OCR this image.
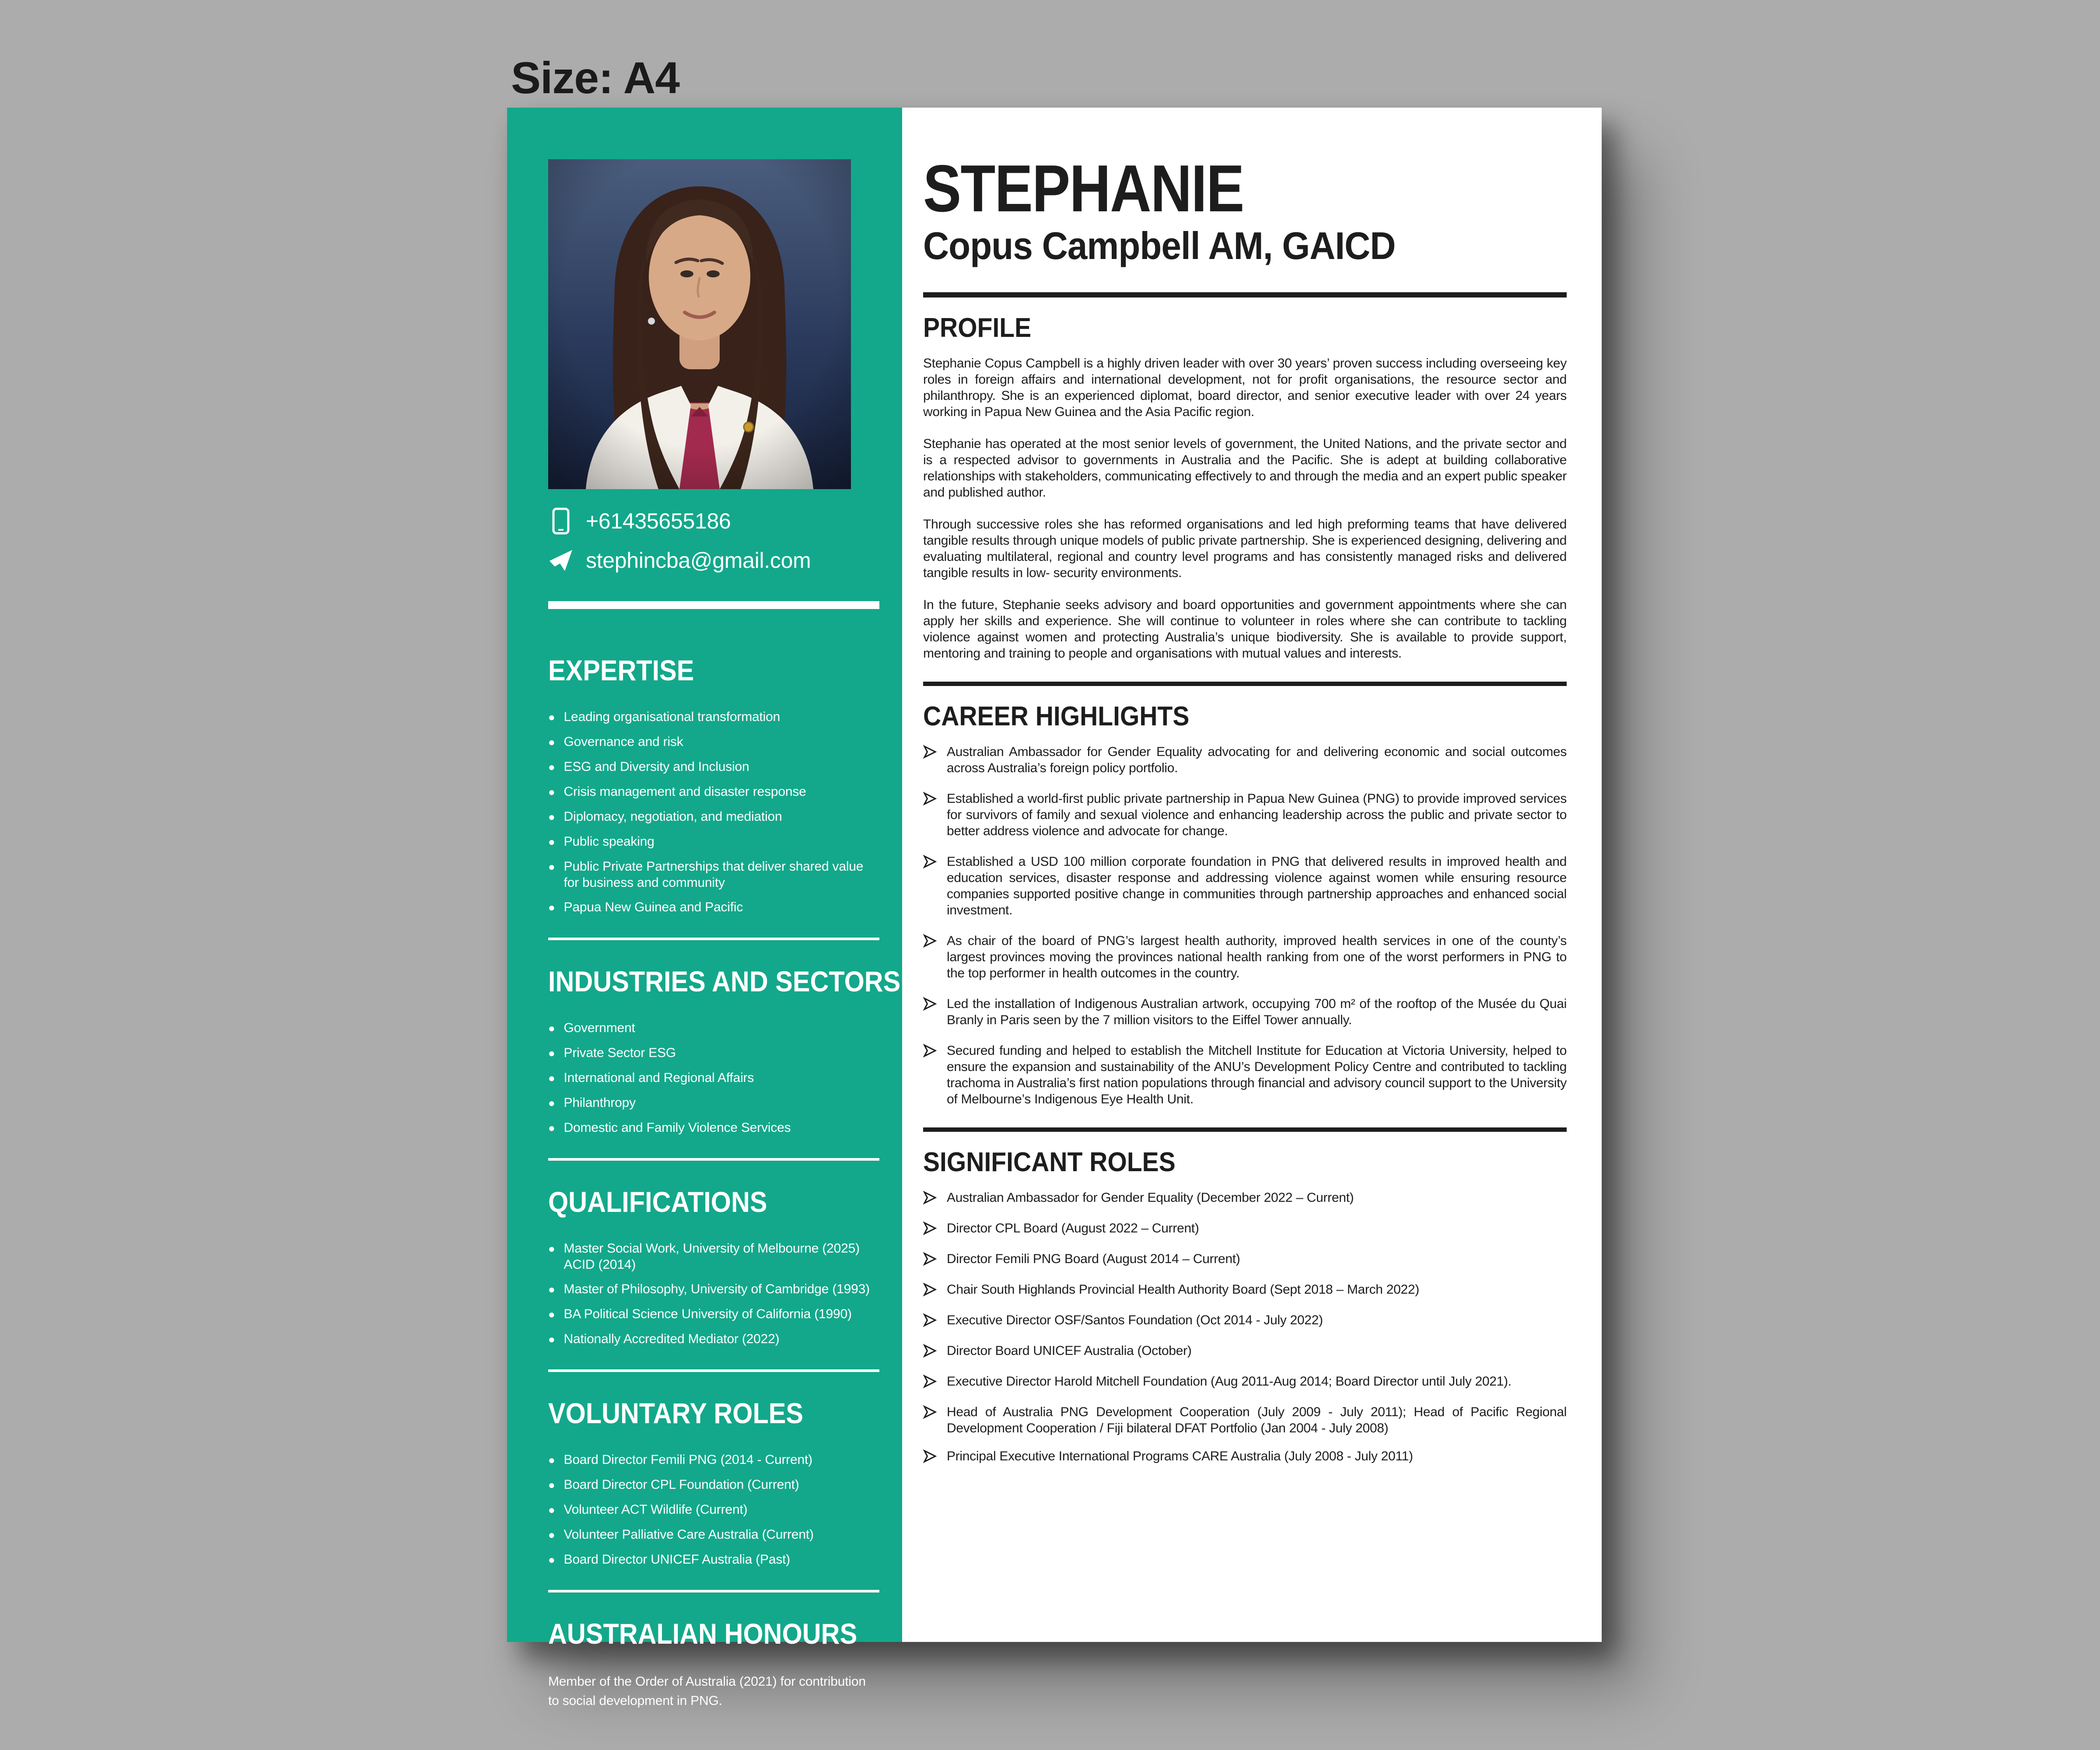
Size: A4
+61435655186
stephincba@gmail.com
EXPERTISE
●
Leading organisational transformation
●
Governance and risk
●
ESG and Diversity and Inclusion
●
Crisis management and disaster response
●
Diplomacy, negotiation, and mediation
●
Public speaking
●
Public Private Partnerships that deliver shared value for business and community
●
Papua New Guinea and Pacific
INDUSTRIES AND SECTORS
●
Government
●
Private Sector ESG
●
International and Regional Affairs
●
Philanthropy
●
Domestic and Family Violence Services
QUALIFICATIONS
●
Master Social Work, University of Melbourne (2025) ACID (2014)
●
Master of Philosophy, University of Cambridge (1993)
●
BA Political Science University of California (1990)
●
Nationally Accredited Mediator (2022)
VOLUNTARY ROLES
●
Board Director Femili PNG (2014 - Current)
●
Board Director CPL Foundation (Current)
●
Volunteer ACT Wildlife (Current)
●
Volunteer Palliative Care Australia (Current)
●
Board Director UNICEF Australia (Past)
AUSTRALIAN HONOURS

Member of the Order of Australia (2021) for contribution to social development in PNG.

STEPHANIE
Copus Campbell AM, GAICD
PROFILE

Stephanie Copus Campbell is a highly driven leader with over 30 years’ proven success including overseeing key roles in foreign affairs and international development, not for profit organisations, the resource sector and philanthropy. She is an experienced diplomat, board director, and senior executive leader with over 24 years working in Papua New Guinea and the Asia Pacific region.

Stephanie has operated at the most senior levels of government, the United Nations, and the private sector and is a respected advisor to governments in Australia and the Pacific. She is adept at building collaborative relationships with stakeholders, communicating effectively to and through the media and an expert public speaker and published author.

Through successive roles she has reformed organisations and led high preforming teams that have delivered tangible results through unique models of public private partnership. She is experienced designing, delivering and evaluating multilateral, regional and country level programs and has consistently managed risks and delivered tangible results in low- security environments.

In the future, Stephanie seeks advisory and board opportunities and government appointments where she can apply her skills and experience. She will continue to volunteer in roles where she can contribute to tackling violence against women and protecting Australia’s unique biodiversity. She is available to provide support, mentoring and training to people and organisations with mutual values and interests.

CAREER HIGHLIGHTS
Australian Ambassador for Gender Equality advocating for and delivering economic and social outcomes across Australia’s foreign policy portfolio.
Established a world-first public private partnership in Papua New Guinea (PNG) to provide improved services for survivors of family and sexual violence and enhancing leadership across the public and private sector to better address violence and advocate for change.
Established a USD 100 million corporate foundation in PNG that delivered results in improved health and education services, disaster response and addressing violence against women while ensuring resource companies supported positive change in communities through partnership approaches and enhanced social investment.
As chair of the board of PNG’s largest health authority, improved health services in one of the county’s largest provinces moving the provinces national health ranking from one of the worst performers in PNG to the top performer in health outcomes in the country.
Led the installation of Indigenous Australian artwork, occupying 700 m² of the rooftop of the Musée du Quai Branly in Paris seen by the 7 million visitors to the Eiffel Tower annually.
Secured funding and helped to establish the Mitchell Institute for Education at Victoria University, helped to ensure the expansion and sustainability of the ANU’s Development Policy Centre and contributed to tackling trachoma in Australia’s first nation populations through financial and advisory council support to the University of Melbourne’s Indigenous Eye Health Unit.
SIGNIFICANT ROLES
Australian Ambassador for Gender Equality (December 2022 – Current)
Director CPL Board (August 2022 – Current)
Director Femili PNG Board (August 2014 – Current)
Chair South Highlands Provincial Health Authority Board (Sept 2018 – March 2022)
Executive Director OSF/Santos Foundation (Oct 2014 - July 2022)
Director Board UNICEF Australia (October)
Executive Director Harold Mitchell Foundation (Aug 2011-Aug 2014; Board Director until July 2021).
Head of Australia PNG Development Cooperation (July 2009 - July 2011); Head of Pacific Regional Development Cooperation / Fiji bilateral DFAT Portfolio (Jan 2004 - July 2008)
Principal Executive International Programs CARE Australia (July 2008 - July 2011)
